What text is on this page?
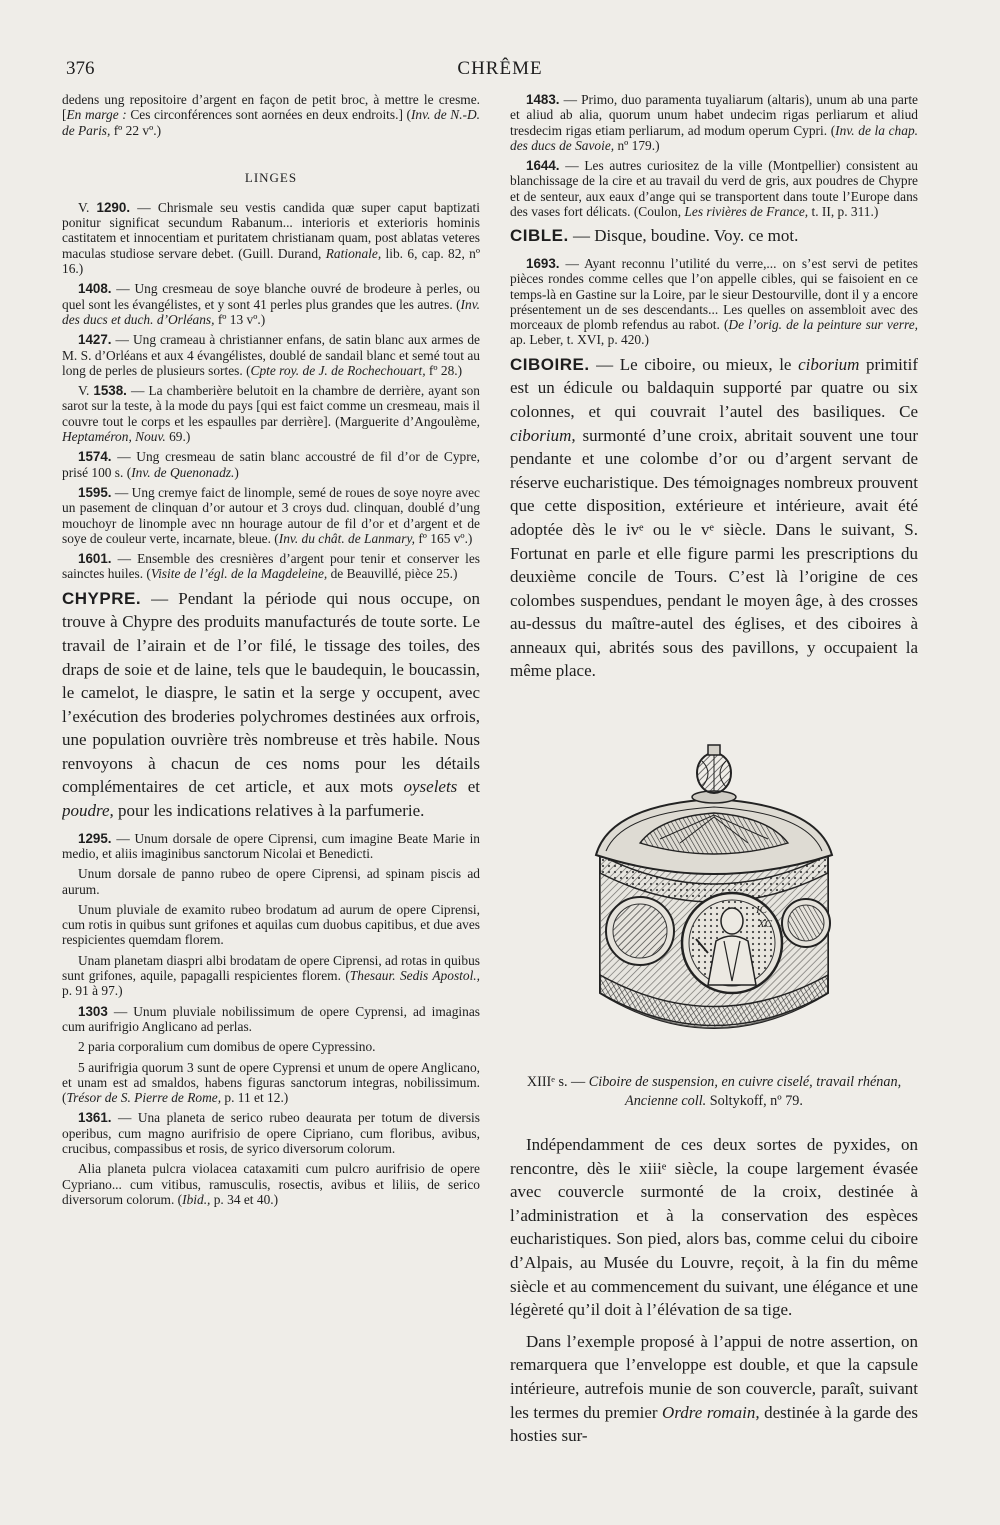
376	CHRÊME

dedens ung repositoire d’argent en façon de petit broc, à mettre le cresme. [En marge : Ces circonférences sont aornées en deux endroits.] (Inv. de N.-D. de Paris, fº 22 vº.)

LINGES

V. 1290. — Chrismale seu vestis candida quæ super caput baptizati ponitur significat secundum Rabanum... interioris et exterioris hominis castitatem et innocentiam et puritatem christianam quam, post ablatas veteres maculas studiose servare debet. (Guill. Durand, Rationale, lib. 6, cap. 82, nº 16.)

1408. — Ung cresmeau de soye blanche ouvré de brodeure à perles, ou quel sont les évangélistes, et y sont 41 perles plus grandes que les autres. (Inv. des ducs et duch. d’Orléans, fº 13 vº.)

1427. — Ung crameau à christianner enfans, de satin blanc aux armes de M. S. d’Orléans et aux 4 évangélistes, doublé de sandail blanc et semé tout au long de perles de plusieurs sortes. (Cpte roy. de J. de Rochechouart, fº 28.)

V. 1538. — La chamberière belutoit en la chambre de derrière, ayant son sarot sur la teste, à la mode du pays [qui est faict comme un cresmeau, mais il couvre tout le corps et les espaulles par derrière]. (Marguerite d’Angoulème, Heptaméron, Nouv. 69.)

1574. — Ung cresmeau de satin blanc accoustré de fil d’or de Cypre, prisé 100 s. (Inv. de Quenonadz.)

1595. — Ung cremye faict de linomple, semé de roues de soye noyre avec un pasement de clinquan d’or autour et 3 croys dud. clinquan, doublé d’ung mouchoyr de linomple avec nn hourage autour de fil d’or et d’argent et de soye de couleur verte, incarnate, bleue. (Inv. du chât. de Lanmary, fº 165 vº.)

1601. — Ensemble des cresnières d’argent pour tenir et conserver les sainctes huiles. (Visite de l’égl. de la Magdeleine, de Beauvillé, pièce 25.)

CHYPRE. — Pendant la période qui nous occupe, on trouve à Chypre des produits manufacturés de toute sorte. Le travail de l’airain et de l’or filé, le tissage des toiles, des draps de soie et de laine, tels que le baudequin, le boucassin, le camelot, le diaspre, le satin et la serge y occupent, avec l’exécution des broderies polychromes destinées aux orfrois, une population ouvrière très nombreuse et très habile. Nous renvoyons à chacun de ces noms pour les détails complémentaires de cet article, et aux mots oyselets et poudre, pour les indications relatives à la parfumerie.

1295. — Unum dorsale de opere Ciprensi, cum imagine Beate Marie in medio, et aliis imaginibus sanctorum Nicolai et Benedicti.

Unum dorsale de panno rubeo de opere Ciprensi, ad spinam piscis ad aurum.

Unum pluviale de examito rubeo brodatum ad aurum de opere Ciprensi, cum rotis in quibus sunt grifones et aquilas cum duobus capitibus, et due aves respicientes quemdam florem.

Unam planetam diaspri albi brodatam de opere Ciprensi, ad rotas in quibus sunt grifones, aquile, papagalli respicientes florem. (Thesaur. Sedis Apostol., p. 91 à 97.)

1303 — Unum pluviale nobilissimum de opere Cyprensi, ad imaginas cum aurifrigio Anglicano ad perlas.

2 paria corporalium cum domibus de opere Cypressino.

5 aurifrigia quorum 3 sunt de opere Cyprensi et unum de opere Anglicano, et unam est ad smaldos, habens figuras sanctorum integras, nobilissimum. (Trésor de S. Pierre de Rome, p. 11 et 12.)

1361. — Una planeta de serico rubeo deaurata per totum de diversis operibus, cum magno aurifrisio de opere Cipriano, cum floribus, avibus, crucibus, compassibus et rosis, de syrico diversorum colorum.

Alia planeta pulcra violacea cataxamiti cum pulcro aurifrisio de opere Cypriano... cum vitibus, ramusculis, rosectis, avibus et liliis, de serico diversorum colorum. (Ibid., p. 34 et 40.)

1483. — Primo, duo paramenta tuyaliarum (altaris), unum ab una parte et aliud ab alia, quorum unum habet undecim rigas perliarum et aliud tresdecim rigas etiam perliarum, ad modum operum Cypri. (Inv. de la chap. des ducs de Savoie, nº 179.)

1644. — Les autres curiositez de la ville (Montpellier) consistent au blanchissage de la cire et au travail du verd de gris, aux poudres de Chypre et de senteur, aux eaux d’ange qui se transportent dans toute l’Europe dans des vases fort délicats. (Coulon, Les rivières de France, t. II, p. 311.)

CIBLE. — Disque, boudine. Voy. ce mot.

1693. — Ayant reconnu l’utilité du verre,... on s’est servi de petites pièces rondes comme celles que l’on appelle cibles, qui se faisoient en ce temps-là en Gastine sur la Loire, par le sieur Destourville, dont il y a encore présentement un de ses descendants... Les quelles on assembloit avec des morceaux de plomb refendus au rabot. (De l’orig. de la peinture sur verre, ap. Leber, t. XVI, p. 420.)

CIBOIRE. — Le ciboire, ou mieux, le ciborium primitif est un édicule ou baldaquin supporté par quatre ou six colonnes, et qui couvrait l’autel des basiliques. Ce ciborium, surmonté d’une croix, abritait souvent une tour pendante et une colombe d’or ou d’argent servant de réserve eucharistique. Des témoignages nombreux prouvent que cette disposition, extérieure et intérieure, avait été adoptée dès le ivᵉ ou le vᵉ siècle. Dans le suivant, S. Fortunat en parle et elle figure parmi les prescriptions du deuxième concile de Tours. C’est là l’origine de ces colombes suspendues, pendant le moyen âge, à des crosses au-dessus du maître-autel des églises, et des ciboires à anneaux qui, abrités sous des pavillons, y occupaient la même place.

IC
XC

XIIIᵉ s. — Ciboire de suspension, en cuivre ciselé, travail rhénan, Ancienne coll. Soltykoff, nº 79.

Indépendamment de ces deux sortes de pyxides, on rencontre, dès le xiiiᵉ siècle, la coupe largement évasée avec couvercle surmonté de la croix, destinée à l’administration et à la conservation des espèces eucharistiques. Son pied, alors bas, comme celui du ciboire d’Alpais, au Musée du Louvre, reçoit, à la fin du même siècle et au commencement du suivant, une élégance et une légèreté qu’il doit à l’élévation de sa tige.

Dans l’exemple proposé à l’appui de notre assertion, on remarquera que l’enveloppe est double, et que la capsule intérieure, autrefois munie de son couvercle, paraît, suivant les termes du premier Ordre romain, destinée à la garde des hosties sur-
